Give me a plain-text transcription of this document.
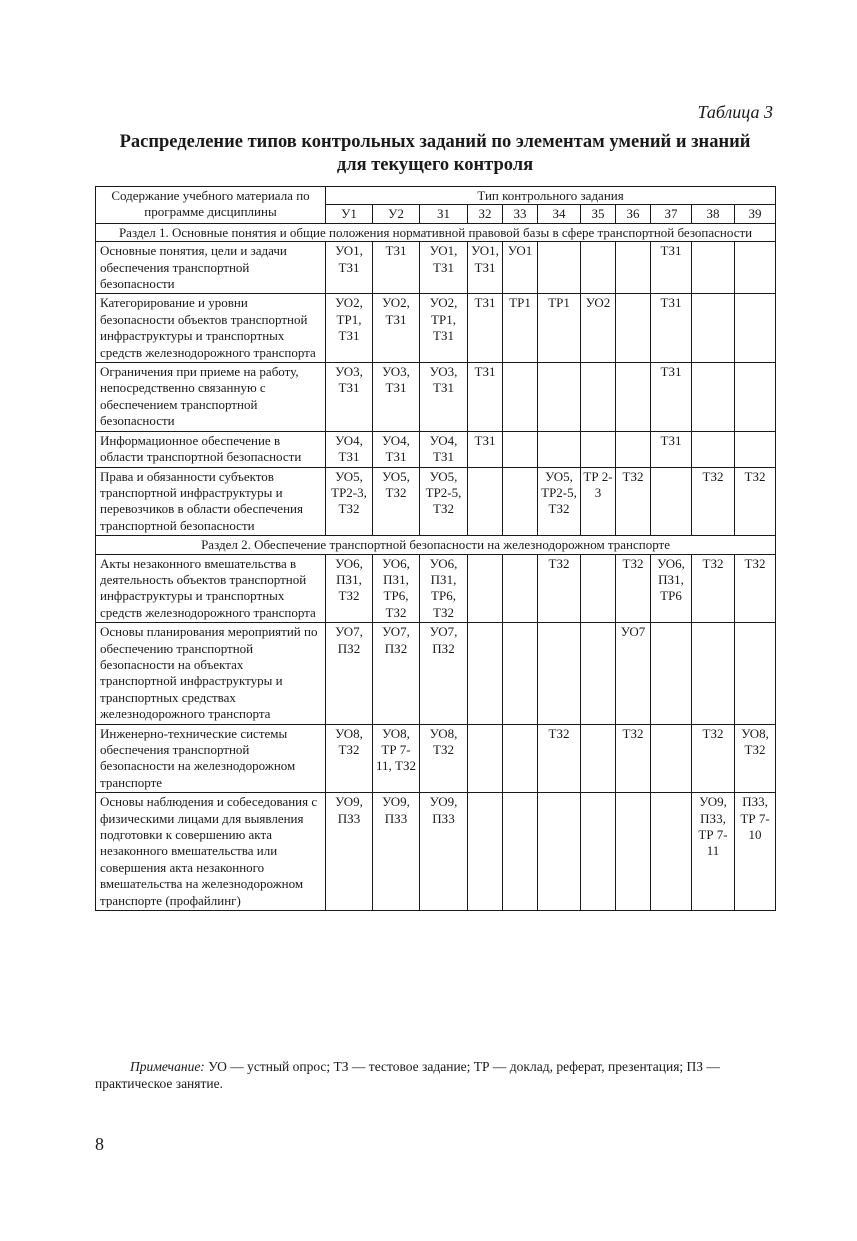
Таблица 3
Распределение типов контрольных заданий по элементам умений и знаний
для текущего контроля
Содержание учебного материала по программе дисциплины	Тип контрольного задания										
	У1	У2	З1	З2	З3	З4	З5	З6	З7	З8	З9
Раздел 1. Основные понятия и общие положения нормативной правовой базы в сфере транспортной безопасности											
Основные понятия, цели и задачи обеспечения транспортной безопасности	УО1, ТЗ1	ТЗ1	УО1, ТЗ1	УО1, ТЗ1	УО1				ТЗ1		
Категорирование и уровни безопасности объектов транспортной инфраструктуры и транспортных средств железнодорожного транспорта	УО2, ТР1, ТЗ1	УО2, ТЗ1	УО2, ТР1, ТЗ1	ТЗ1	ТР1	ТР1	УО2		ТЗ1		
Ограничения при приеме на работу, непосредственно связанную с обеспечением транспортной безопасности	УО3, ТЗ1	УО3, ТЗ1	УО3, ТЗ1	ТЗ1					ТЗ1		
Информационное обеспечение в области транспортной безопасности	УО4, ТЗ1	УО4, ТЗ1	УО4, ТЗ1	ТЗ1					ТЗ1		
Права и обязанности субъектов транспортной инфраструктуры и перевозчиков в области обеспечения транспортной безопасности	УО5, ТР2-3, ТЗ2	УО5, ТЗ2	УО5, ТР2-5, ТЗ2			УО5, ТР2-5, ТЗ2	ТР 2-3	ТЗ2		ТЗ2	ТЗ2
Раздел 2. Обеспечение транспортной безопасности на железнодорожном транспорте											
Акты незаконного вмешательства в деятельность объектов транспортной инфраструктуры и транспортных средств железнодорожного транспорта	УО6, ПЗ1, ТЗ2	УО6, ПЗ1, ТР6, ТЗ2	УО6, ПЗ1, ТР6, ТЗ2			ТЗ2		ТЗ2	УО6, ПЗ1, ТР6	ТЗ2	ТЗ2
Основы планирования мероприятий по обеспечению транспортной безопасности на объектах транспортной инфраструктуры и транспортных средствах железнодорожного транспорта	УО7, ПЗ2	УО7, ПЗ2	УО7, ПЗ2					УО7			
Инженерно-технические системы обеспечения транспортной безопасности на железнодорожном транспорте	УО8, ТЗ2	УО8, ТР 7-11, ТЗ2	УО8, ТЗ2			ТЗ2		ТЗ2		ТЗ2	УО8, ТЗ2
Основы наблюдения и собеседования с физическими лицами для выявления подготовки к совершению акта незаконного вмешательства или совершения акта незаконного вмешательства на железнодорожном транспорте (профайлинг)	УО9, ПЗ3	УО9, ПЗ3	УО9, ПЗ3							УО9, ПЗ3, ТР 7-11	ПЗ3, ТР 7-10
Примечание: УО — устный опрос; ТЗ — тестовое задание; ТР — доклад, реферат, презентация; ПЗ — практическое занятие.
8
